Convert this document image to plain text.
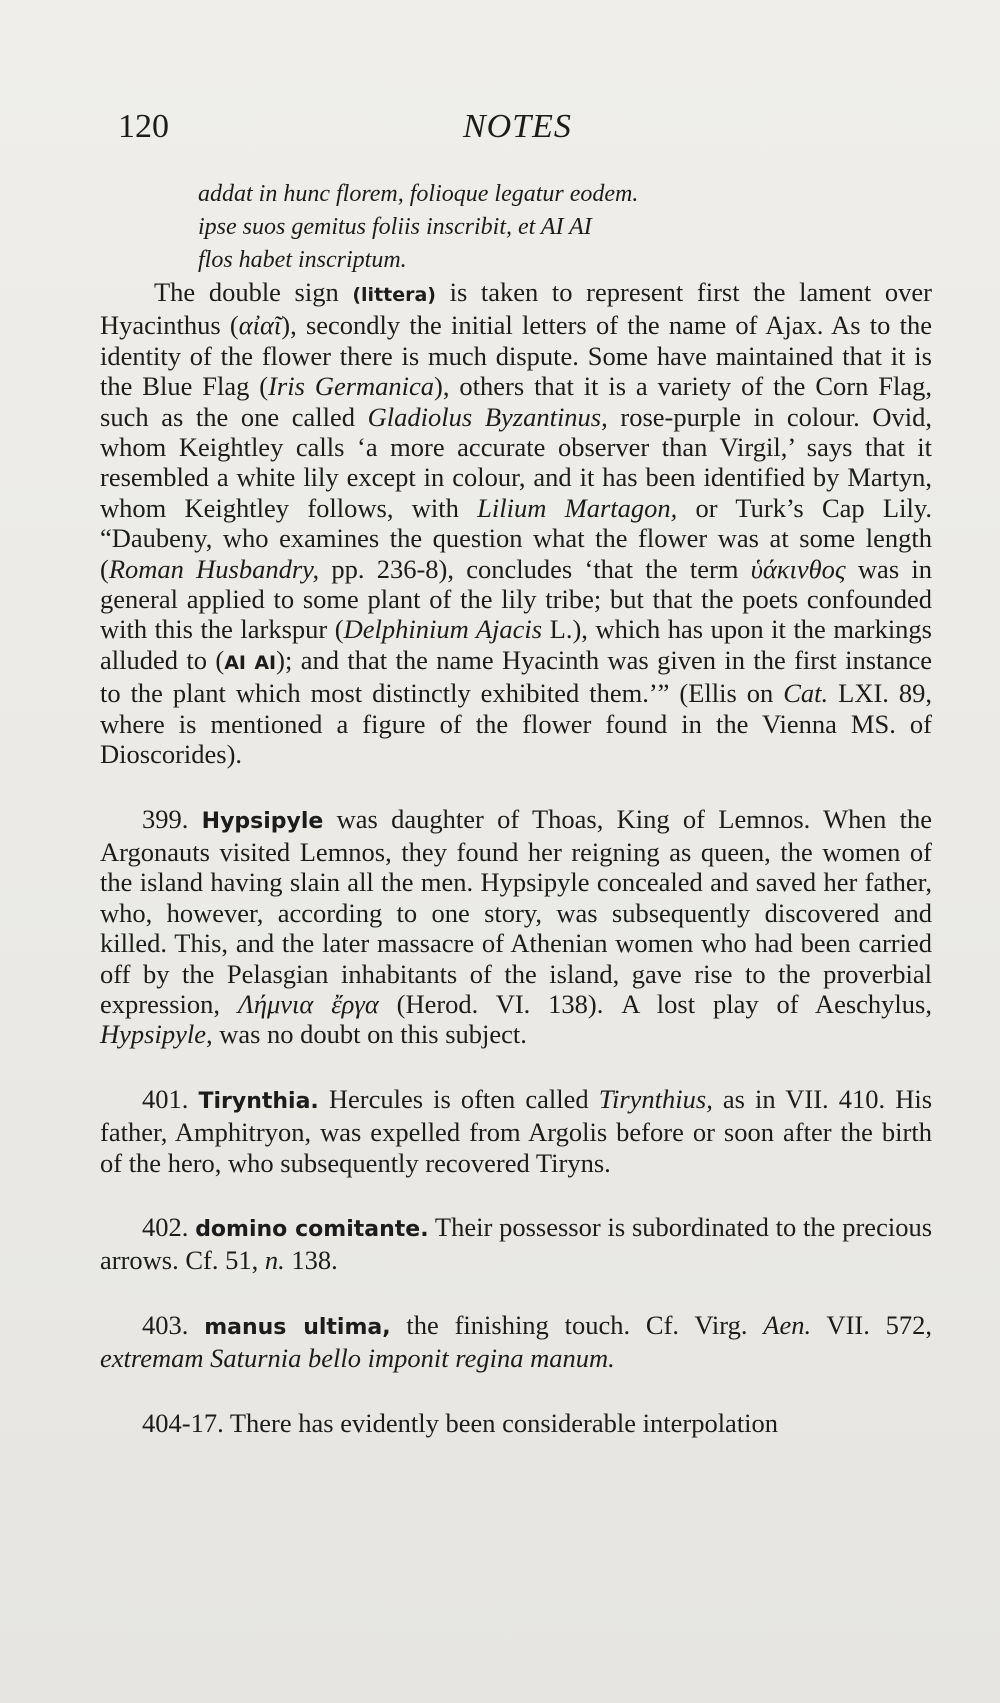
120	NOTES
addat in hunc florem, folioque legatur eodem.
ipse suos gemitus foliis inscribit, et AI AI
flos habet inscriptum.

The double sign (littera) is taken to represent first the lament over Hyacinthus (αἰαῖ), secondly the initial letters of the name of Ajax. As to the identity of the flower there is much dispute. Some have maintained that it is the Blue Flag (Iris Germanica), others that it is a variety of the Corn Flag, such as the one called Gladiolus Byzantinus, rose-purple in colour. Ovid, whom Keightley calls ‘a more accurate observer than Virgil,’ says that it resembled a white lily except in colour, and it has been identified by Martyn, whom Keightley follows, with Lilium Martagon, or Turk’s Cap Lily. “Daubeny, who examines the question what the flower was at some length (Roman Husbandry, pp. 236-8), concludes ‘that the term ὑάκινθος was in general applied to some plant of the lily tribe; but that the poets confounded with this the larkspur (Delphinium Ajacis L.), which has upon it the markings alluded to (AI AI); and that the name Hyacinth was given in the first instance to the plant which most distinctly exhibited them.’” (Ellis on Cat. LXI. 89, where is mentioned a figure of the flower found in the Vienna MS. of Dioscorides).

399. Hypsipyle was daughter of Thoas, King of Lemnos. When the Argonauts visited Lemnos, they found her reigning as queen, the women of the island having slain all the men. Hypsipyle concealed and saved her father, who, however, according to one story, was subsequently discovered and killed. This, and the later massacre of Athenian women who had been carried off by the Pelasgian inhabitants of the island, gave rise to the proverbial expression, Λήμνια ἔργα (Herod. VI. 138). A lost play of Aeschylus, Hypsipyle, was no doubt on this subject.

401. Tirynthia. Hercules is often called Tirynthius, as in VII. 410. His father, Amphitryon, was expelled from Argolis before or soon after the birth of the hero, who subsequently recovered Tiryns.

402. domino comitante. Their possessor is subordinated to the precious arrows. Cf. 51, n. 138.

403. manus ultima, the finishing touch. Cf. Virg. Aen. VII. 572, extremam Saturnia bello imponit regina manum.

404-17. There has evidently been considerable interpolation
